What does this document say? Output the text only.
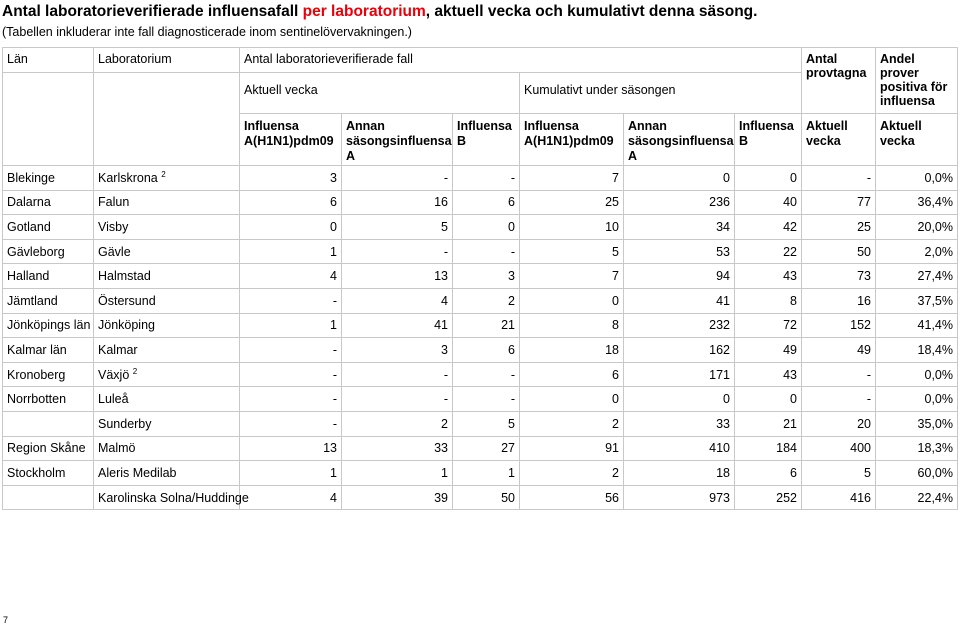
Antal laboratorieverifierade influensafall per laboratorium, aktuell vecka och kumulativt denna säsong.

(Tabellen inkluderar inte fall diagnosticerade inom sentinelövervakningen.)

Län	Laboratorium	Antal laboratorieverifierade fall						Antal provtagna	Andel prover positiva för influensa
		Aktuell vecka			Kumulativt under säsongen				
		Influensa A(H1N1)pdm09	Annan säsongsinfluensa A	Influensa B	Influensa A(H1N1)pdm09	Annan säsongsinfluensa A	Influensa B	Aktuell vecka	Aktuell vecka
Blekinge	Karlskrona $^2$	3	-	-	7	0	0	-	0,0%
Dalarna	Falun	6	16	6	25	236	40	77	36,4%
Gotland	Visby	0	5	0	10	34	42	25	20,0%
Gävleborg	Gävle	1	-	-	5	53	22	50	2,0%
Halland	Halmstad	4	13	3	7	94	43	73	27,4%
Jämtland	Östersund	-	4	2	0	41	8	16	37,5%
Jönköpings län	Jönköping	1	41	21	8	232	72	152	41,4%
Kalmar län	Kalmar	-	3	6	18	162	49	49	18,4%
Kronoberg	Växjö $^2$	-	-	-	6	171	43	-	0,0%
Norrbotten	Luleå	-	-	-	0	0	0	-	0,0%
	Sunderby	-	2	5	2	33	21	20	35,0%
Region Skåne	Malmö	13	33	27	91	410	184	400	18,3%
Stockholm	Aleris Medilab	1	1	1	2	18	6	5	60,0%
	Karolinska Solna/Huddinge	4	39	50	56	973	252	416	22,4%

7
